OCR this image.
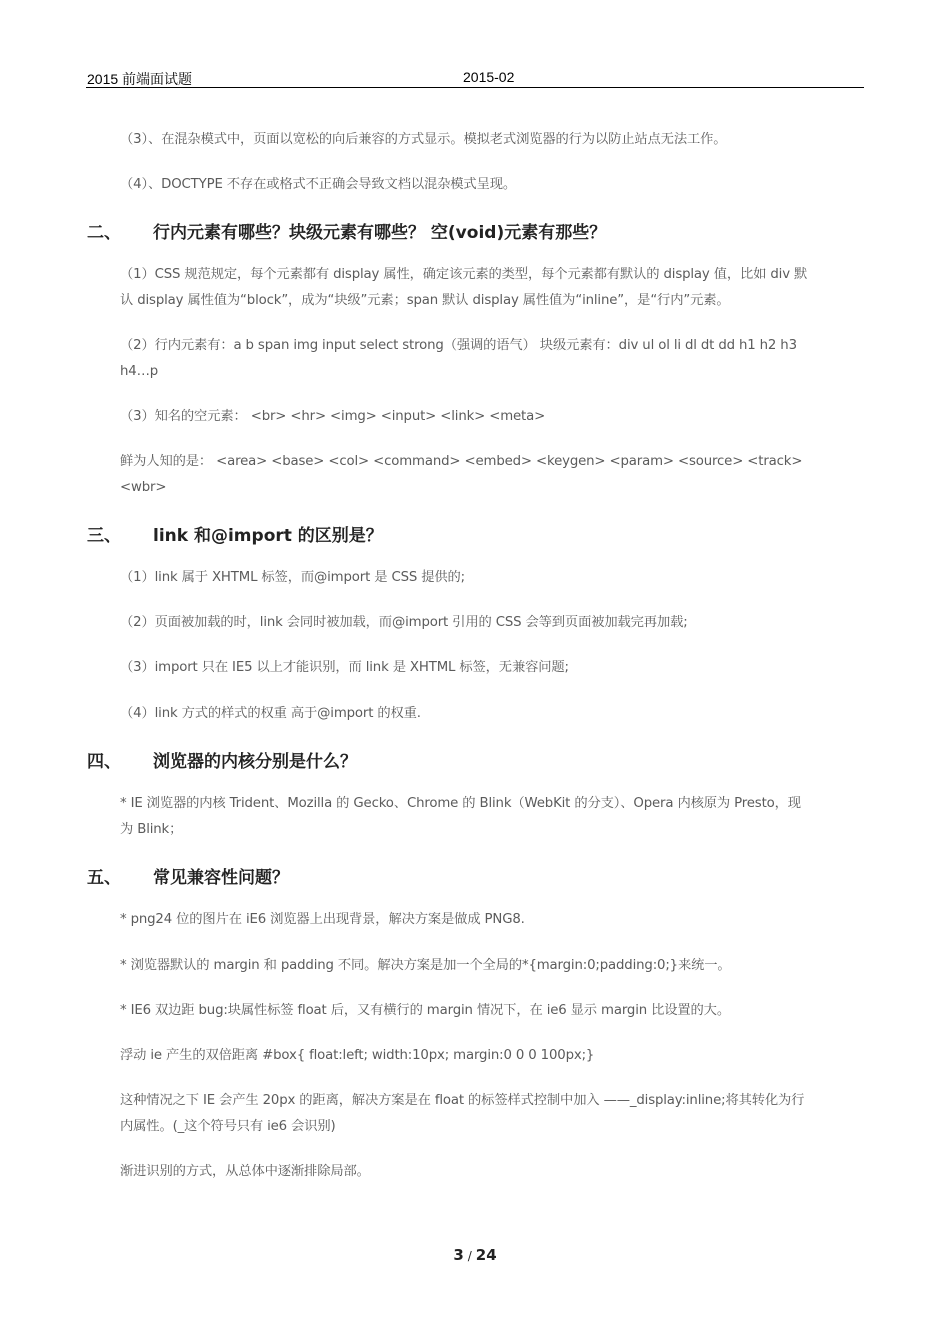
2015 前端面试题	2015-02
（3）、在混杂模式中，页面以宽松的向后兼容的方式显示。模拟老式浏览器的行为以防止站点无法工作。
（4）、DOCTYPE 不存在或格式不正确会导致文档以混杂模式呈现。
二、 行内元素有哪些？块级元素有哪些？ 空(void)元素有那些？
（1）CSS 规范规定，每个元素都有 display 属性，确定该元素的类型，每个元素都有默认的 display 值，比如 div 默
认 display 属性值为“block”，成为“块级”元素；span 默认 display 属性值为“inline”，是“行内”元素。
（2）行内元素有：a b span img input select strong（强调的语气） 块级元素有：div ul ol li dl dt dd h1 h2 h3
h4…p
（3）知名的空元素： <br> <hr> <img> <input> <link> <meta>
鲜为人知的是： <area> <base> <col> <command> <embed> <keygen> <param> <source> <track>
<wbr>
三、 link 和@import 的区别是？
（1）link 属于 XHTML 标签，而@import 是 CSS 提供的;
（2）页面被加载的时，link 会同时被加载，而@import 引用的 CSS 会等到页面被加载完再加载;
（3）import 只在 IE5 以上才能识别，而 link 是 XHTML 标签，无兼容问题;
（4）link 方式的样式的权重 高于@import 的权重.
四、 浏览器的内核分别是什么？
* IE 浏览器的内核 Trident、Mozilla 的 Gecko、Chrome 的 Blink（WebKit 的分支）、Opera 内核原为 Presto，现
为 Blink；
五、 常见兼容性问题？
* png24 位的图片在 iE6 浏览器上出现背景，解决方案是做成 PNG8.
* 浏览器默认的 margin 和 padding 不同。解决方案是加一个全局的*{margin:0;padding:0;}来统一。
* IE6 双边距 bug:块属性标签 float 后，又有横行的 margin 情况下，在 ie6 显示 margin 比设置的大。
浮动 ie 产生的双倍距离 #box{ float:left; width:10px; margin:0 0 0 100px;}
这种情况之下 IE 会产生 20px 的距离，解决方案是在 float 的标签样式控制中加入 ——_display:inline;将其转化为行
内属性。(_这个符号只有 ie6 会识别)
渐进识别的方式，从总体中逐渐排除局部。
3 / 24
